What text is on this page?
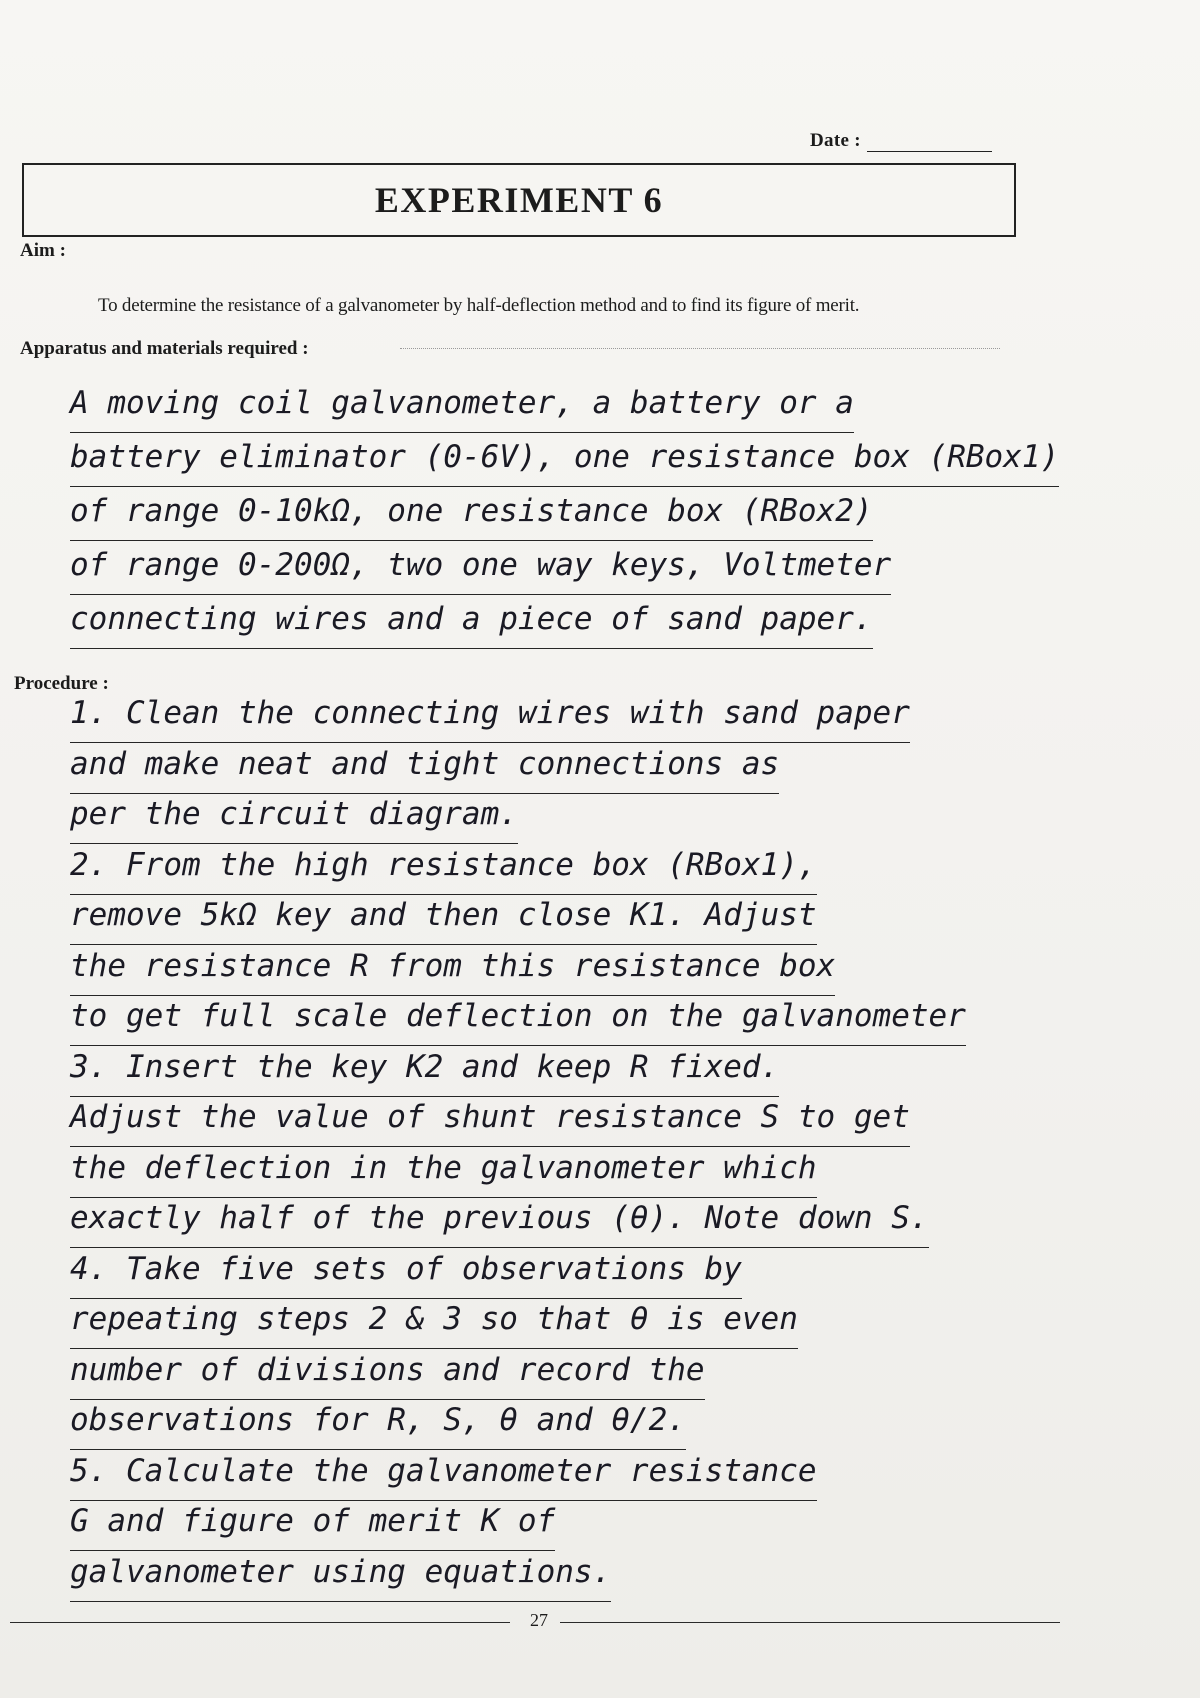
Date :
EXPERIMENT 6
Aim :
To determine the resistance of a galvanometer by half-deflection method and to find its figure of merit.
Apparatus and materials required :
A moving coil galvanometer, a battery or a
battery eliminator (0-6V), one resistance box (RBox1)
of range 0-10kΩ, one resistance box (RBox2)
of range 0-200Ω, two one way keys, Voltmeter
connecting wires and a piece of sand paper.
Procedure :
1. Clean the connecting wires with sand paper
and make neat and tight connections as
per the circuit diagram.
2. From the high resistance box (RBox1),
remove 5kΩ key and then close K1. Adjust
the resistance R from this resistance box
to get full scale deflection on the galvanometer
3. Insert the key K2 and keep R fixed.
Adjust the value of shunt resistance S to get
the deflection in the galvanometer which
exactly half of the previous (θ). Note down S.
4. Take five sets of observations by
repeating steps 2 & 3 so that θ is even
number of divisions and record the
observations for R, S, θ and θ/2.
5. Calculate the galvanometer resistance
G and figure of merit K of
galvanometer using equations.
27
